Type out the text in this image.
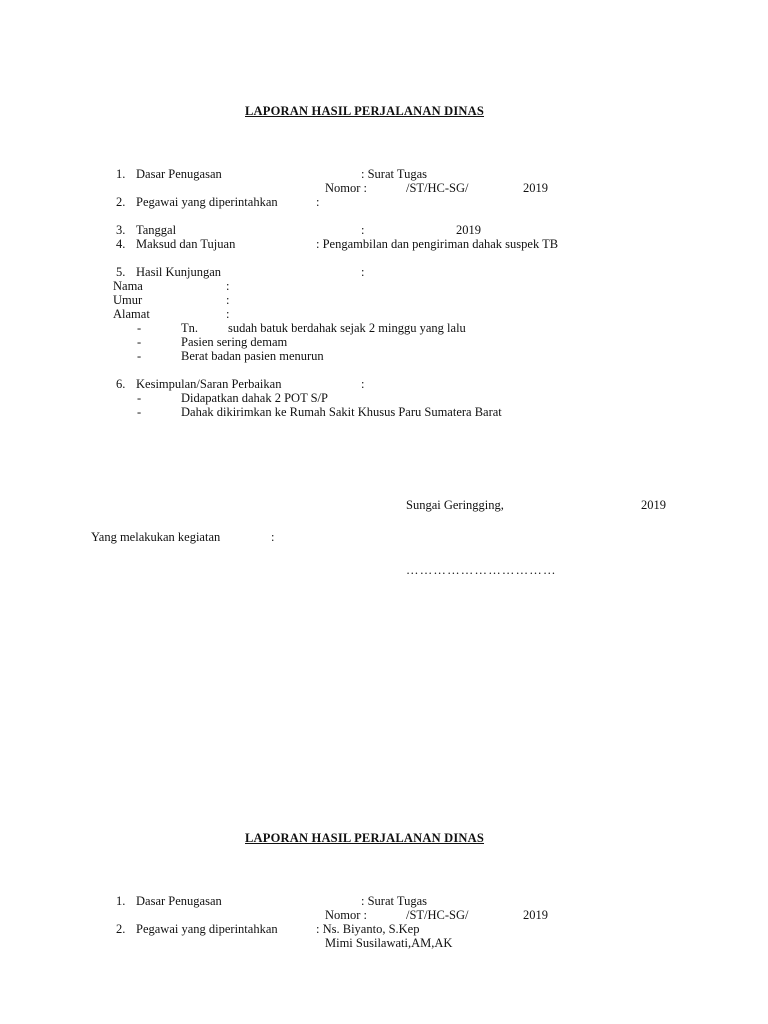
LAPORAN HASIL PERJALANAN DINAS
1. Dasar Penugasan	: Surat Tugas
Nomor :	/ST/HC-SG/	2019
2. Pegawai yang diperintahkan	:
3. Tanggal	:	2019
4. Maksud dan Tujuan	: Pengambilan dan pengiriman dahak suspek TB
5. Hasil Kunjungan	:
Nama	:
Umur	:
Alamat	:
-	Tn. sudah batuk berdahak sejak 2 minggu yang lalu
-	Pasien sering demam
-	Berat badan pasien menurun
6. Kesimpulan/Saran Perbaikan	:
-	Didapatkan dahak 2 POT S/P
-	Dahak dikirimkan ke Rumah Sakit Khusus Paru Sumatera Barat
Sungai Geringging,	2019
Yang melakukan kegiatan	:
……………………………
LAPORAN HASIL PERJALANAN DINAS
1. Dasar Penugasan	: Surat Tugas
Nomor :	/ST/HC-SG/	2019
2. Pegawai yang diperintahkan	: Ns. Biyanto, S.Kep
Mimi Susilawati,AM,AK
